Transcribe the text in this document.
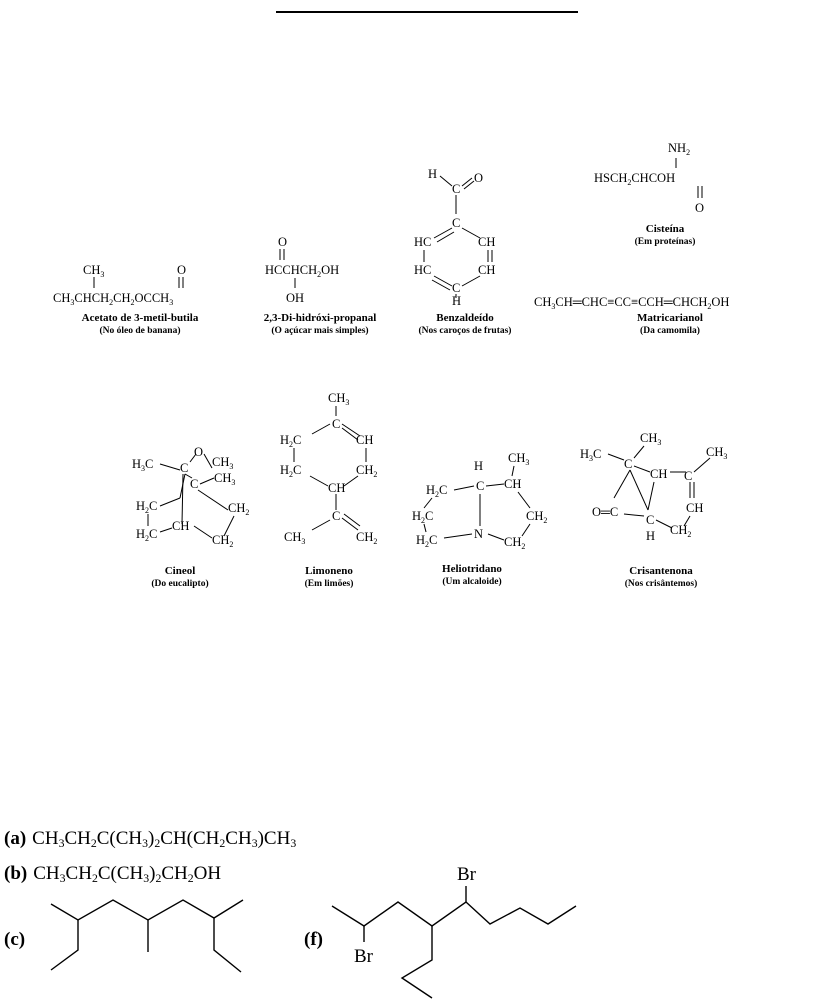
$CH_3$	O
$CH_3CHCH_2CH_2OCCH_3$
O
$HCCHCH_2OH$
OH
H
C
O
C
HC	CH
HC	CH
C
H
$NH_2$
$HSCH_2CHCOH$
O
$CH_3CH═CHC\equiv CC\equiv CCH═CHCH_2OH$
Acetato de 3-metil-butila
(No óleo de banana)
2,3-Di-hidróxi-propanal
(O açúcar mais simples)
Benzaldeído
(Nos caroços de frutas)
Cisteína
(Em proteínas)
Matricarianol
(Da camomila)
$H_3C$
O
C $CH_3$
C $CH_3$
$H_2C$	$CH_2$
$H_2C$
CH
$CH_2$
$CH_3$
C
$H_2C$	CH
$H_2C$	$CH_2$
CH
C
$CH_3$	$CH_2$
$CH_3$
H
C CH
$H_2C$
$H_2C$	$CH_2$
N
$H_2C$	$CH_2$
$CH_3$
$H_3C$
C
$CH_3$
CH C
CH
O═C
C
$CH_2$
H
Cineol
(Do eucalipto)
Limoneno
(Em limões)
Heliotridano
(Um alcaloide)
Crisantenona
(Nos crisântemos)
(a) $CH_3CH_2C(CH_3)_2CH(CH_2CH_3)CH_3$
(b) $CH_3CH_2C(CH_3)_2CH_2OH$
(c)	(f)
Br
Br
